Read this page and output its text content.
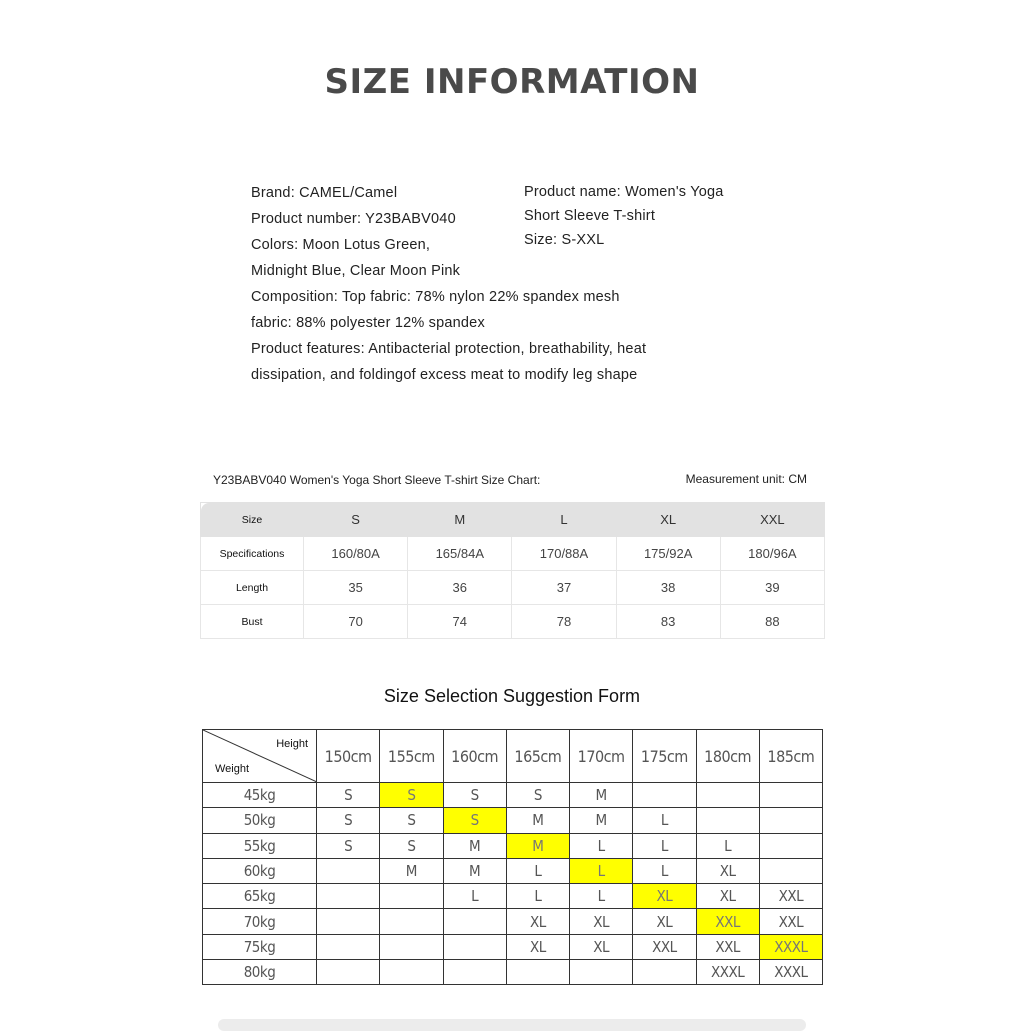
SIZE INFORMATION
Brand: CAMEL/Camel
Product number: Y23BABV040
Colors: Moon Lotus Green,
Midnight Blue, Clear Moon Pink
Composition: Top fabric: 78% nylon 22% spandex mesh
fabric: 88% polyester 12% spandex
Product features: Antibacterial protection, breathability, heat
dissipation, and foldingof excess meat to modify leg shape
Product name: Women's Yoga
Short Sleeve T-shirt
Size: S-XXL
Y23BABV040 Women's Yoga Short Sleeve T-shirt Size Chart:	Measurement unit: CM
Size	S	M	L	XL	XXL
Specifications	160/80A	165/84A	170/88A	175/92A	180/96A
Length	35	36	37	38	39
Bust	70	74	78	83	88
Size Selection Suggestion Form
Height
Weight	150cm	155cm	160cm	165cm	170cm	175cm	180cm	185cm
45kg	S	S	S	S	M			
50kg	S	S	S	M	M	L		
55kg	S	S	M	M	L	L	L	
60kg		M	M	L	L	L	XL	
65kg			L	L	L	XL	XL	XXL
70kg				XL	XL	XL	XXL	XXL
75kg				XL	XL	XXL	XXL	XXXL
80kg							XXXL	XXXL
